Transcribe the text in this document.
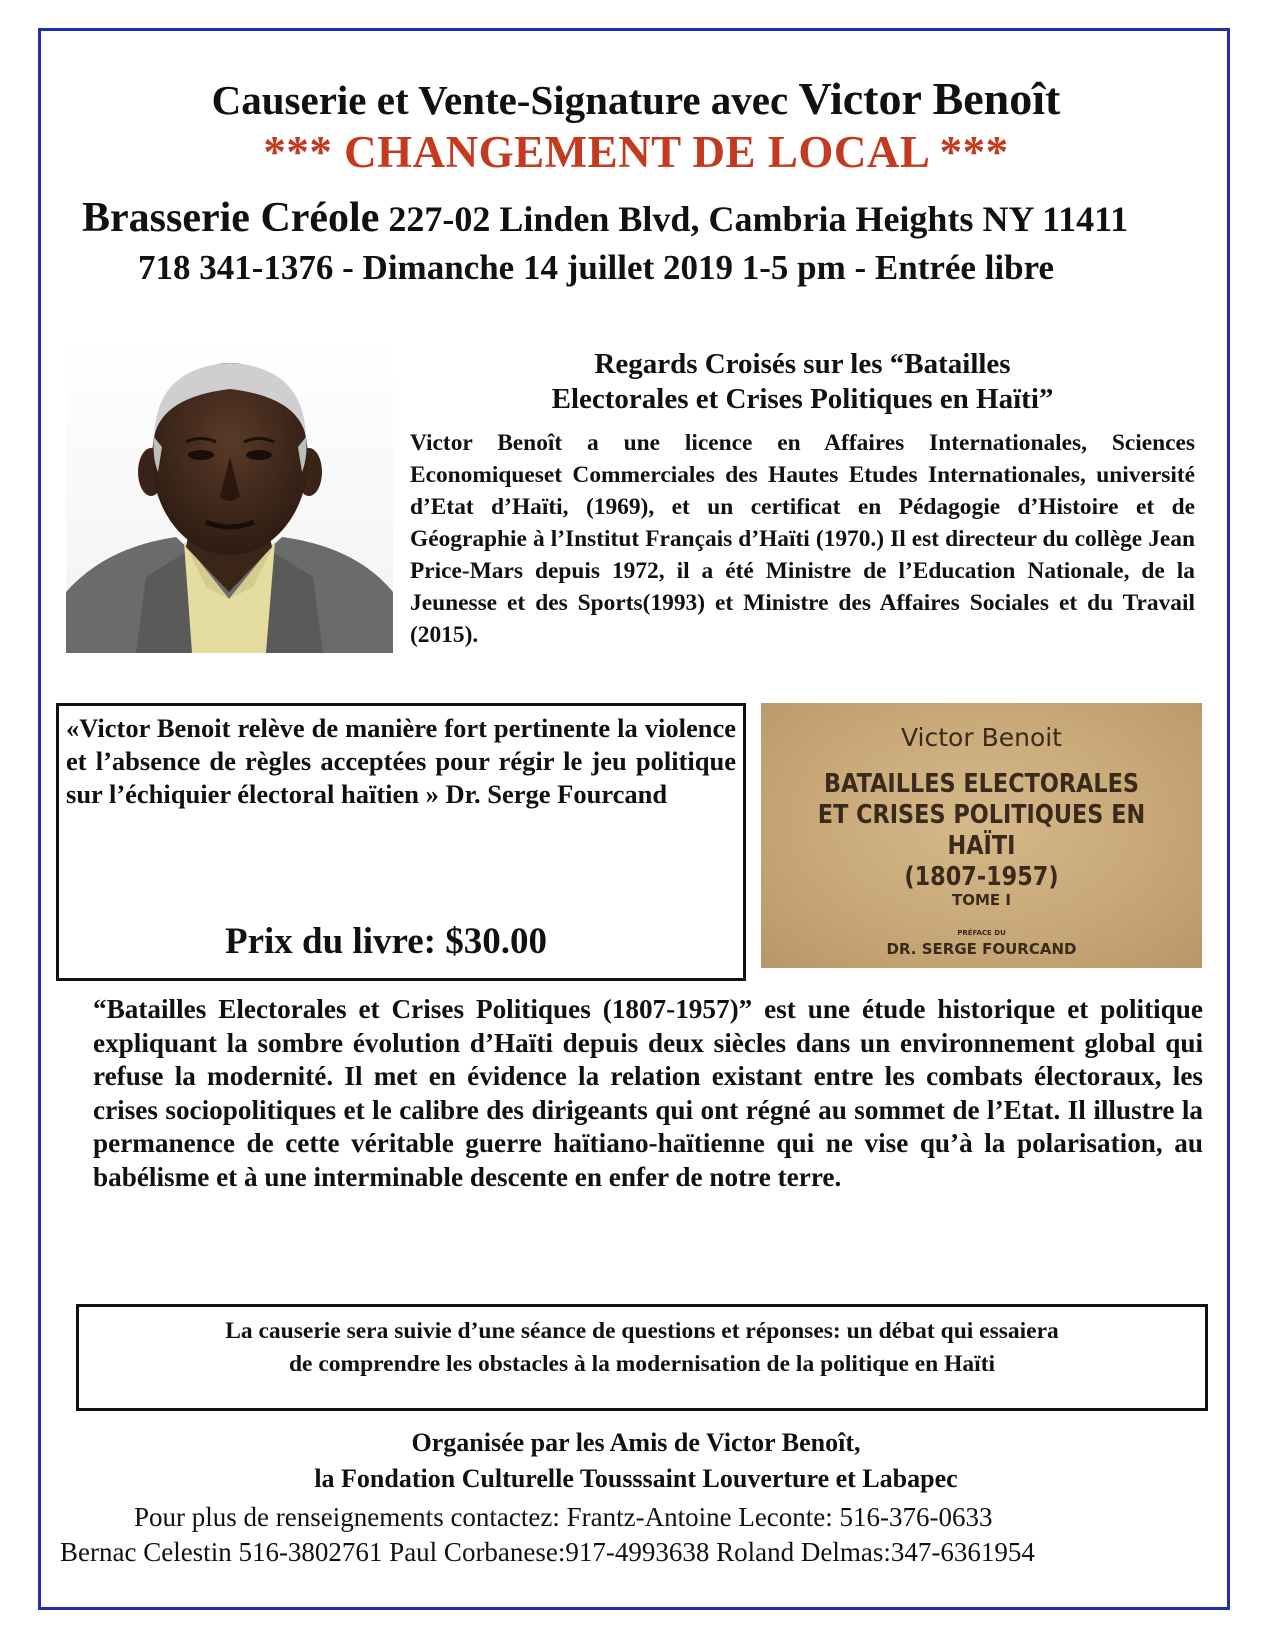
Causerie et Vente-Signature avec Victor Benoît
*** CHANGEMENT DE LOCAL ***
Brasserie Créole 227-02 Linden Blvd, Cambria Heights NY 11411
718 341-1376 - Dimanche 14 juillet 2019 1-5 pm - Entrée libre
Regards Croisés sur les “Batailles
Electorales et Crises Politiques en Haïti”
Victor Benoît a une licence en Affaires Internationales, Sciences Economiqueset Commerciales des Hautes Etudes Internationales, université d’Etat d’Haïti, (1969), et un certificat en Pédagogie d’Histoire et de Géographie à l’Institut Français d’Haïti (1970.) Il est directeur du collège Jean Price-Mars depuis 1972, il a été Ministre de l’Education Nationale, de la Jeunesse et des Sports(1993) et Ministre des Affaires Sociales et du Travail (2015).
«Victor Benoit relève de manière fort pertinente la violence et l’absence de règles acceptées pour régir le jeu politique sur l’échiquier électoral haïtien » Dr. Serge Fourcand
Prix du livre: $30.00
Victor Benoit
BATAILLES ELECTORALES
ET CRISES POLITIQUES EN HAÏTI
(1807-1957)
TOME I
PRÉFACE DU
DR. SERGE FOURCAND
“Batailles Electorales et Crises Politiques (1807-1957)” est une étude historique et politique expliquant la sombre évolution d’Haïti depuis deux siècles dans un environnement global qui refuse la modernité. Il met en évidence la relation existant entre les combats électoraux, les crises sociopolitiques et le calibre des dirigeants qui ont régné au sommet de l’Etat. Il illustre la permanence de cette véritable guerre haïtiano-haïtienne qui ne vise qu’à la polarisation, au babélisme et à une interminable descente en enfer de notre terre.
La causerie sera suivie d’une séance de questions et réponses: un débat qui essaiera
de comprendre les obstacles à la modernisation de la politique en Haïti
Organisée par les Amis de Victor Benoît,
la Fondation Culturelle Tousssаint Louverture et Labapec
Pour plus de renseignements contactez: Frantz-Antoine Leconte: 516-376-0633
Bernac Celestin 516-3802761 Paul Corbanese:917-4993638 Roland Delmas:347-6361954
